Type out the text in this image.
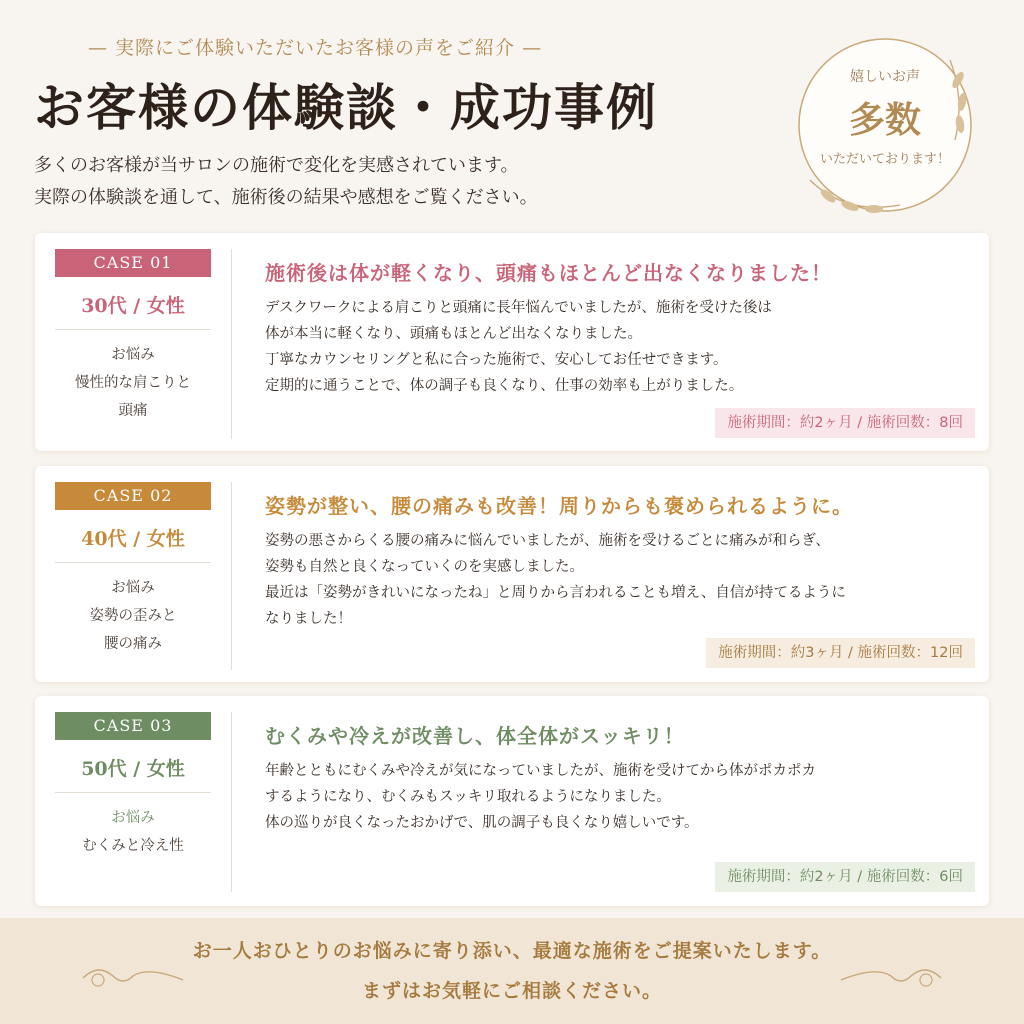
— 実際にご体験いただいたお客様の声をご紹介 —
お客様の体験談・成功事例
多くのお客様が当サロンの施術で変化を実感されています。
実際の体験談を通して、施術後の結果や感想をご覧ください。
嬉しいお声
多数
いただいております！
CASE 01
30代 / 女性
お悩み
慢性的な肩こりと
頭痛
施術後は体が軽くなり、頭痛もほとんど出なくなりました！
デスクワークによる肩こりと頭痛に長年悩んでいましたが、施術を受けた後は
体が本当に軽くなり、頭痛もほとんど出なくなりました。
丁寧なカウンセリングと私に合った施術で、安心してお任せできます。
定期的に通うことで、体の調子も良くなり、仕事の効率も上がりました。
施術期間：約2ヶ月 / 施術回数：8回
CASE 02
40代 / 女性
お悩み
姿勢の歪みと
腰の痛み
姿勢が整い、腰の痛みも改善！周りからも褒められるように。
姿勢の悪さからくる腰の痛みに悩んでいましたが、施術を受けるごとに痛みが和らぎ、
姿勢も自然と良くなっていくのを実感しました。
最近は「姿勢がきれいになったね」と周りから言われることも増え、自信が持てるように
なりました！
施術期間：約3ヶ月 / 施術回数：12回
CASE 03
50代 / 女性
お悩み
むくみと冷え性
むくみや冷えが改善し、体全体がスッキリ！
年齢とともにむくみや冷えが気になっていましたが、施術を受けてから体がポカポカ
するようになり、むくみもスッキリ取れるようになりました。
体の巡りが良くなったおかげで、肌の調子も良くなり嬉しいです。
施術期間：約2ヶ月 / 施術回数：6回
お一人おひとりのお悩みに寄り添い、最適な施術をご提案いたします。
まずはお気軽にご相談ください。
